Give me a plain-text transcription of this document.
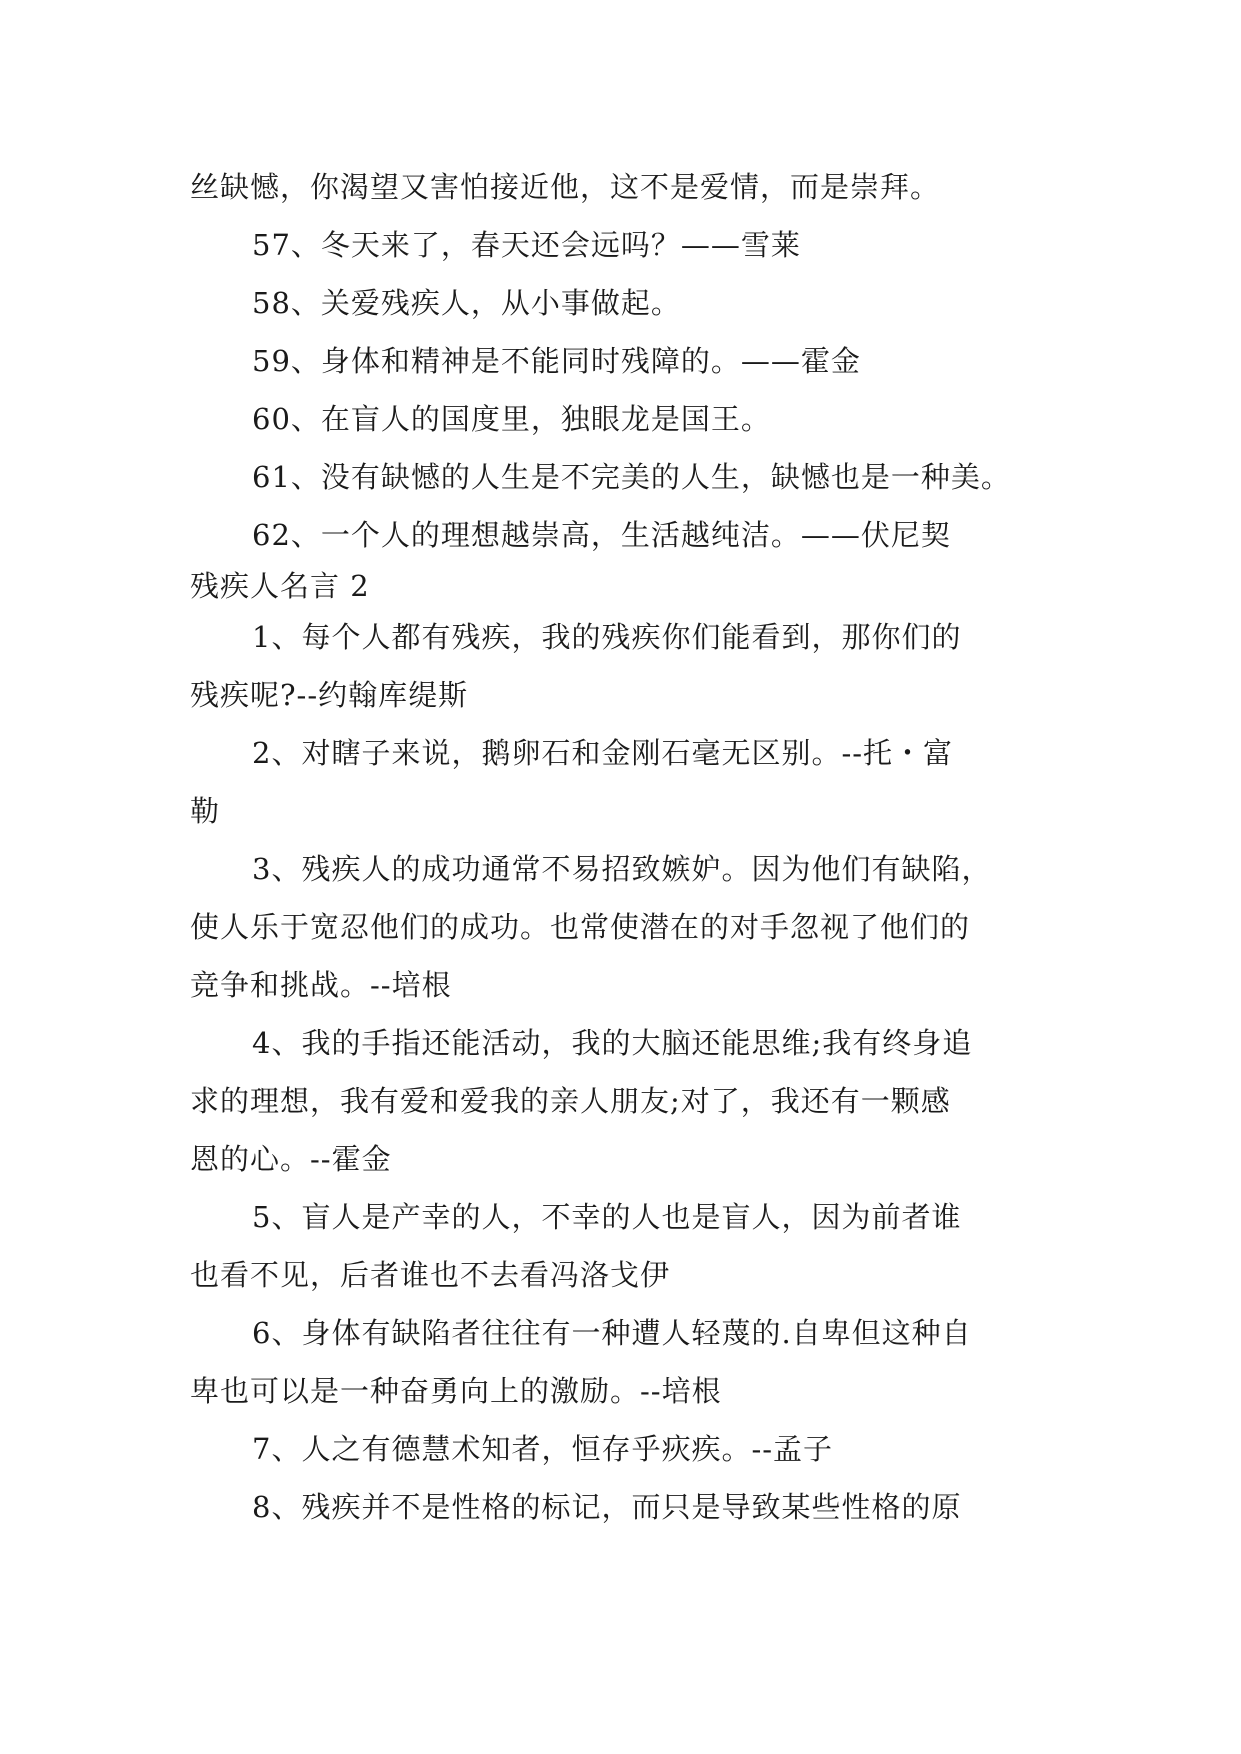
丝缺憾，你渴望又害怕接近他，这不是爱情，而是崇拜。
57、冬天来了，春天还会远吗？——雪莱
58、关爱残疾人，从小事做起。
59、身体和精神是不能同时残障的。——霍金
60、在盲人的国度里，独眼龙是国王。
61、没有缺憾的人生是不完美的人生，缺憾也是一种美。
62、一个人的理想越崇高，生活越纯洁。——伏尼契
残疾人名言 2
1、每个人都有残疾，我的残疾你们能看到，那你们的
残疾呢?--约翰库缇斯
2、对瞎子来说，鹅卵石和金刚石毫无区别。--托・富
勒
3、残疾人的成功通常不易招致嫉妒。因为他们有缺陷，
使人乐于宽忍他们的成功。也常使潜在的对手忽视了他们的
竞争和挑战。--培根
4、我的手指还能活动，我的大脑还能思维;我有终身追
求的理想，我有爱和爱我的亲人朋友;对了，我还有一颗感
恩的心。--霍金
5、盲人是产幸的人，不幸的人也是盲人，因为前者谁
也看不见，后者谁也不去看冯洛戈伊
6、身体有缺陷者往往有一种遭人轻蔑的.自卑但这种自
卑也可以是一种奋勇向上的激励。--培根
7、人之有德慧术知者，恒存乎疢疾。--孟子
8、残疾并不是性格的标记，而只是导致某些性格的原
